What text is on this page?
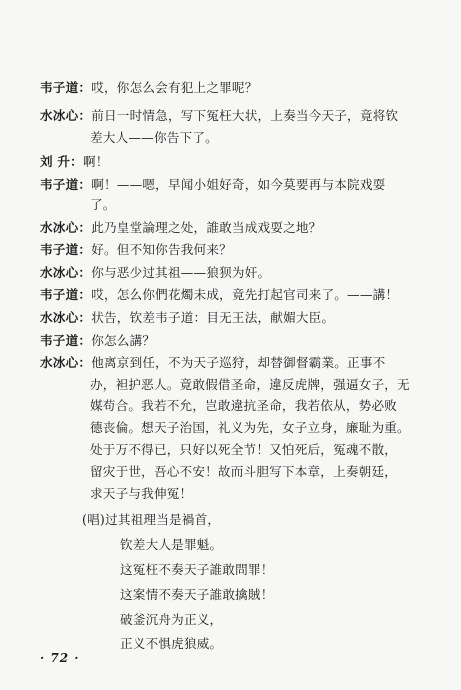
韦子道：哎，你怎么会有犯上之罪呢？
水冰心：前日一时情急，写下冤枉大状，上奏当今天子，竟将钦
差大人——你告下了。
刘 升：啊！
韦子道：啊！——嗯，早闻小姐好奇，如今莫要再与本院戏耍
了。
水冰心：此乃皇堂論理之处，誰敢当成戏耍之地？
韦子道：好。但不知你告我何来？
水冰心：你与恶少过其祖——狼狈为奸。
韦子道：哎，怎么你們花燭未成，竟先打起官司来了。——講！
水冰心：状告，钦差韦子道：目无王法，献媚大臣。
韦子道：你怎么講？
水冰心：他离京到任，不为天子巡狩，却替御督霸業。正事不
办，袒护恶人。竟敢假借圣命，違反虎牌，强逼女子，无
媒苟合。我若不允，岂敢違抗圣命，我若依从，势必败
德丧倫。想天子治国，礼义为先，女子立身，廉耻为重。
处于万不得已，只好以死全节！又怕死后，冤魂不散，
留灾于世，吾心不安！故而斗胆写下本章，上奏朝廷，
求天子与我伸冤！
(唱)过其祖理当是禍首，
钦差大人是罪魁。
这冤枉不奏天子誰敢問罪！
这案情不奏天子誰敢擒賊！
破釜沉舟为正义，
正义不惧虎狼威。
· 72 ·
